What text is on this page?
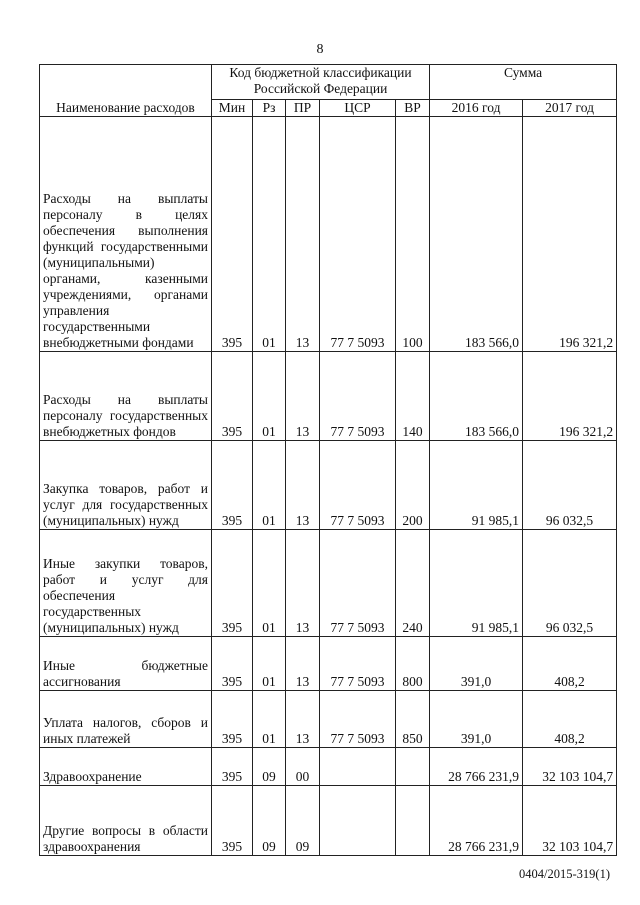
8
Наименование расходов	Код бюджетной классификации Российской Федерации					Сумма	
	Мин	Рз	ПР	ЦСР	ВР	2016 год	2017 год

Расходы на выплаты персоналу в целях обеспечения выполнения функций государственными (муниципальными) органами, казенными учреждениями, органами управления государственными внебюджетными фондами	395	01	13	77 7 5093	100	183 566,0	196 321,2

Расходы на выплаты персоналу государственных внебюджетных фондов	395	01	13	77 7 5093	140	183 566,0	196 321,2

Закупка товаров, работ и услуг для государственных (муниципальных) нужд	395	01	13	77 7 5093	200	91 985,1	96 032,5

Иные закупки товаров, работ и услуг для обеспечения государственных (муниципальных) нужд	395	01	13	77 7 5093	240	91 985,1	96 032,5

Иные бюджетные ассигнования	395	01	13	77 7 5093	800	391,0	408,2

Уплата налогов, сборов и иных платежей	395	01	13	77 7 5093	850	391,0	408,2

Здравоохранение	395	09	00			28 766 231,9	32 103 104,7

Другие вопросы в области здравоохранения	395	09	09			28 766 231,9	32 103 104,7
0404/2015-319(1)
